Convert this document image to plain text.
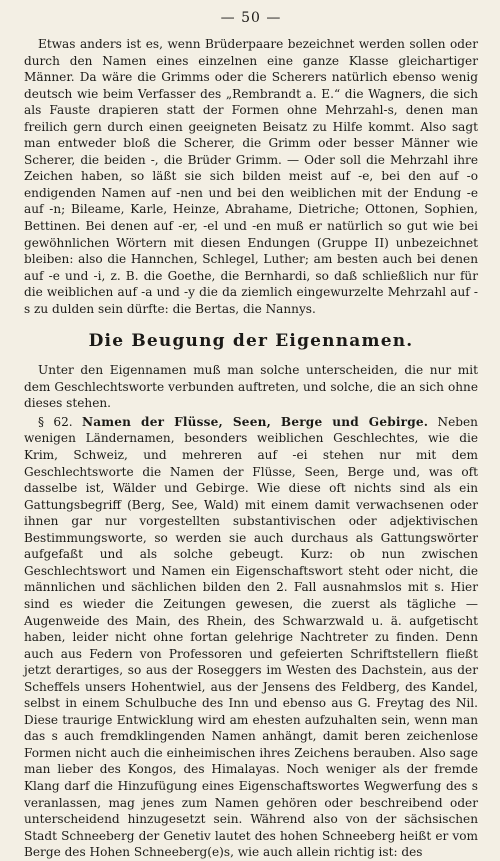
— 50 —

Etwas anders ist es, wenn Brüderpaare bezeichnet werden sollen oder durch den Namen eines einzelnen eine ganze Klasse gleichartiger Männer. Da wäre die Grimms oder die Scherers natürlich ebenso wenig deutsch wie beim Verfasser des „Rembrandt a. E.“ die Wagners, die sich als Fauste drapieren statt der Formen ohne Mehrzahl-s, denen man freilich gern durch einen geeigneten Beisatz zu Hilfe kommt. Also sagt man entweder bloß die Scherer, die Grimm oder besser Männer wie Scherer, die beiden -, die Brüder Grimm. — Oder soll die Mehrzahl ihre Zeichen haben, so läßt sie sich bilden meist auf -e, bei den auf -o endigenden Namen auf -nen und bei den weiblichen mit der Endung -e auf -n; Bileame, Karle, Heinze, Abrahame, Dietriche; Ottonen, Sophien, Bettinen. Bei denen auf -er, -el und -en muß er natürlich so gut wie bei gewöhnlichen Wörtern mit diesen Endungen (Gruppe II) unbezeichnet bleiben: also die Hannchen, Schlegel, Luther; am besten auch bei denen auf -e und -i, z. B. die Goethe, die Bernhardi, so daß schließlich nur für die weiblichen auf -a und -y die da ziemlich eingewurzelte Mehrzahl auf -s zu dulden sein dürfte: die Bertas, die Nannys.

Die Beugung der Eigennamen.

Unter den Eigennamen muß man solche unterscheiden, die nur mit dem Geschlechtsworte verbunden auftreten, und solche, die an sich ohne dieses stehen.

§ 62. Namen der Flüsse, Seen, Berge und Gebirge. Neben wenigen Ländernamen, besonders weiblichen Geschlechtes, wie die Krim, Schweiz, und mehreren auf -ei stehen nur mit dem Geschlechtsworte die Namen der Flüsse, Seen, Berge und, was oft dasselbe ist, Wälder und Gebirge. Wie diese oft nichts sind als ein Gattungsbegriff (Berg, See, Wald) mit einem damit verwachsenen oder ihnen gar nur vorgestellten substantivischen oder adjektivischen Bestimmungsworte, so werden sie auch durchaus als Gattungswörter aufgefaßt und als solche gebeugt. Kurz: ob nun zwischen Geschlechtswort und Namen ein Eigenschaftswort steht oder nicht, die männlichen und sächlichen bilden den 2. Fall ausnahmslos mit s. Hier sind es wieder die Zeitungen gewesen, die zuerst als tägliche — Augenweide des Main, des Rhein, des Schwarzwald u. ä. aufgetischt haben, leider nicht ohne fortan gelehrige Nachtreter zu finden. Denn auch aus Federn von Professoren und gefeierten Schriftstellern fließt jetzt derartiges, so aus der Roseggers im Westen des Dachstein, aus der Scheffels unsers Hohentwiel, aus der Jensens des Feldberg, des Kandel, selbst in einem Schulbuche des Inn und ebenso aus G. Freytag des Nil. Diese traurige Entwicklung wird am ehesten aufzuhalten sein, wenn man das s auch fremdklingenden Namen anhängt, damit beren zeichenlose Formen nicht auch die einheimischen ihres Zeichens berauben. Also sage man lieber des Kongos, des Himalayas. Noch weniger als der fremde Klang darf die Hinzufügung eines Eigenschaftswortes Wegwerfung des s veranlassen, mag jenes zum Namen gehören oder beschreibend oder unterscheidend hinzugesetzt sein. Während also von der sächsischen Stadt Schneeberg der Genetiv lautet des hohen Schneeberg heißt er vom Berge des Hohen Schneeberg(e)s, wie auch allein richtig ist: des
